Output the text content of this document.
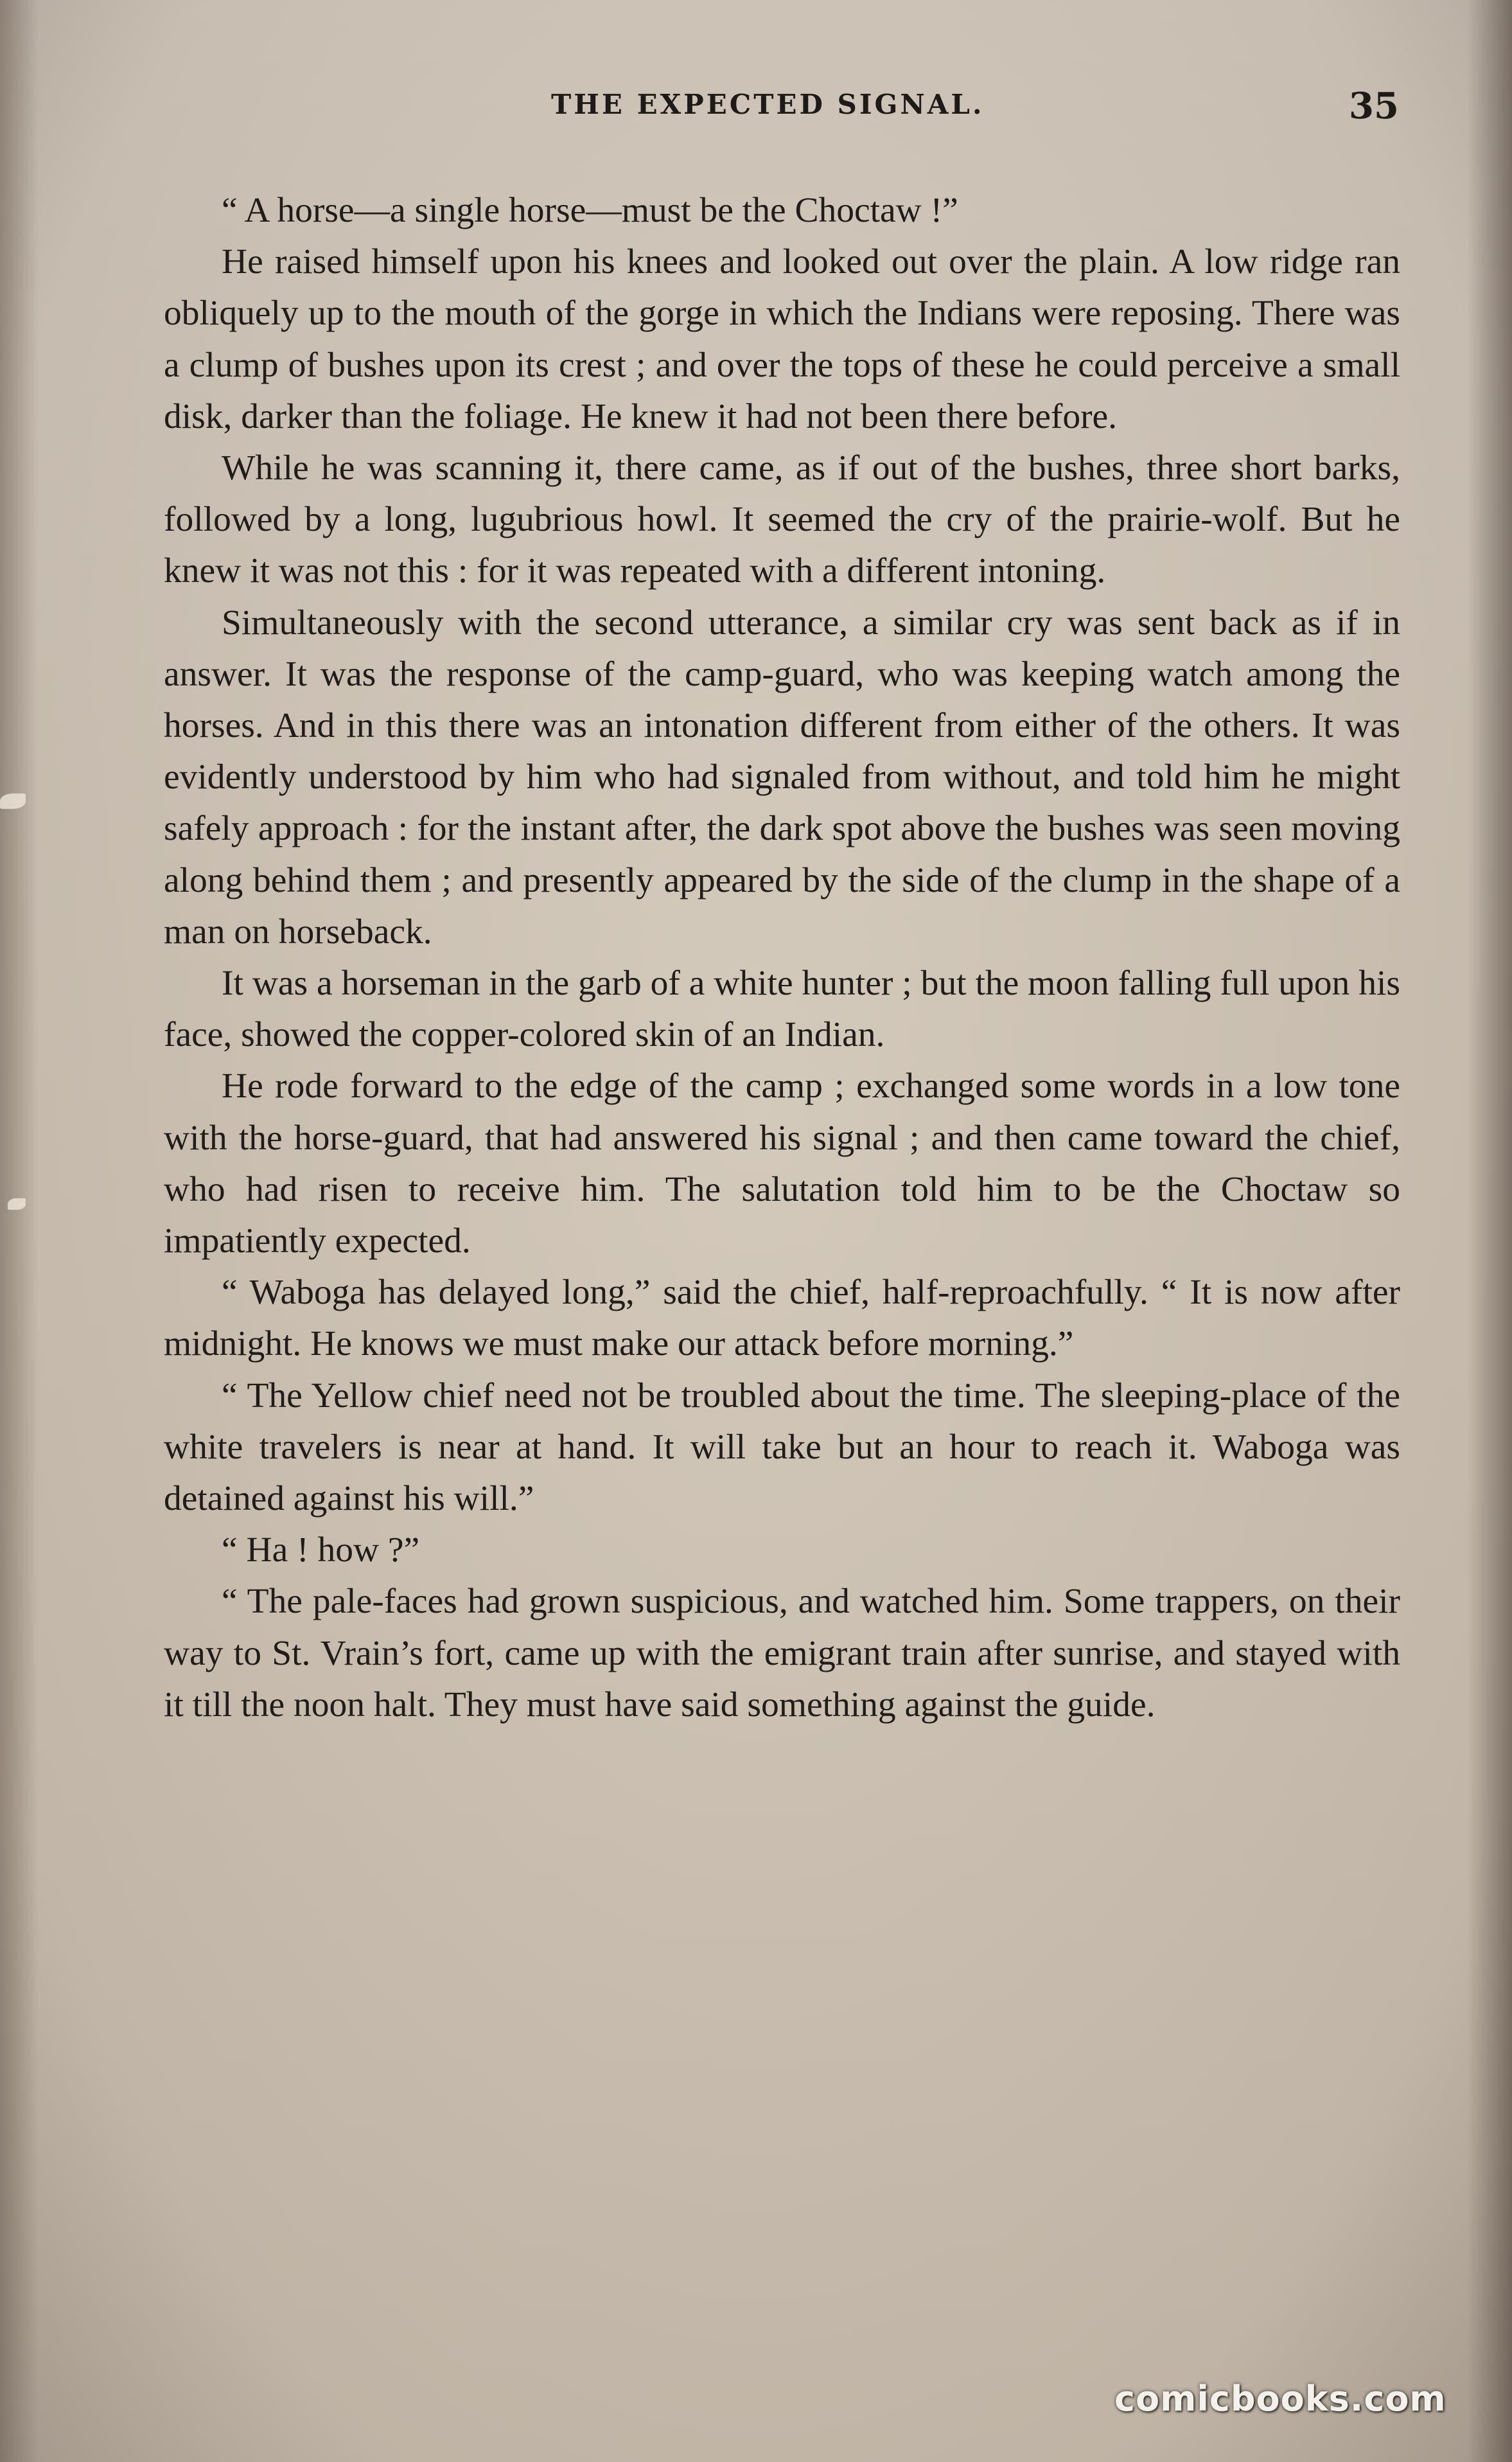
THE EXPECTED SIGNAL.	35

“ A horse—a single horse—must be the Choctaw !”

He raised himself upon his knees and looked out over the plain. A low ridge ran obliquely up to the mouth of the gorge in which the Indians were reposing. There was a clump of bushes upon its crest ; and over the tops of these he could perceive a small disk, darker than the foliage. He knew it had not been there before.

While he was scanning it, there came, as if out of the bushes, three short barks, followed by a long, lugubrious howl. It seemed the cry of the prairie-wolf. But he knew it was not this : for it was repeated with a different intoning.

Simultaneously with the second utterance, a similar cry was sent back as if in answer. It was the response of the camp-guard, who was keeping watch among the horses. And in this there was an intonation different from either of the others. It was evidently understood by him who had signaled from without, and told him he might safely approach : for the instant after, the dark spot above the bushes was seen moving along behind them ; and presently appeared by the side of the clump in the shape of a man on horseback.

It was a horseman in the garb of a white hunter ; but the moon falling full upon his face, showed the copper-colored skin of an Indian.

He rode forward to the edge of the camp ; exchanged some words in a low tone with the horse-guard, that had answered his signal ; and then came toward the chief, who had risen to receive him. The salutation told him to be the Choctaw so impatiently expected.

“ Waboga has delayed long,” said the chief, half-reproachfully. “ It is now after midnight. He knows we must make our attack before morning.”

“ The Yellow chief need not be troubled about the time. The sleeping-place of the white travelers is near at hand. It will take but an hour to reach it. Waboga was detained against his will.”

“ Ha ! how ?”

“ The pale-faces had grown suspicious, and watched him. Some trappers, on their way to St. Vrain’s fort, came up with the emigrant train after sunrise, and stayed with it till the noon halt. They must have said something against the guide.

comicbooks.com
